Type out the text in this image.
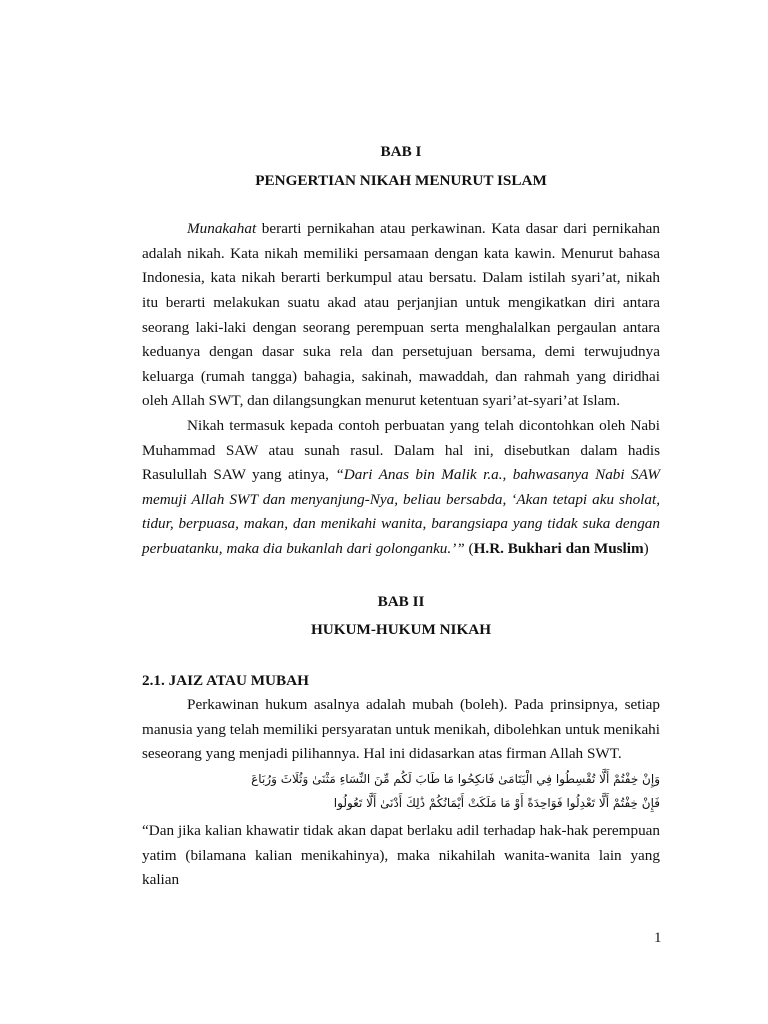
BAB I

PENGERTIAN NIKAH MENURUT ISLAM

Munakahat berarti pernikahan atau perkawinan. Kata dasar dari pernikahan adalah nikah. Kata nikah memiliki persamaan dengan kata kawin. Menurut bahasa Indonesia, kata nikah berarti berkumpul atau bersatu. Dalam istilah syari’at, nikah itu berarti melakukan suatu akad atau perjanjian untuk mengikatkan diri antara seorang laki-laki dengan seorang perempuan serta menghalalkan pergaulan antara keduanya dengan dasar suka rela dan persetujuan bersama, demi terwujudnya keluarga (rumah tangga) bahagia, sakinah, mawaddah, dan rahmah yang diridhai oleh Allah SWT, dan dilangsungkan menurut ketentuan syari’at-syari’at Islam.

Nikah termasuk kepada contoh perbuatan yang telah dicontohkan oleh Nabi Muhammad SAW atau sunah rasul. Dalam hal ini, disebutkan dalam hadis Rasulullah SAW yang atinya, “Dari Anas bin Malik r.a., bahwasanya Nabi SAW memuji Allah SWT dan menyanjung-Nya, beliau bersabda, ‘Akan tetapi aku sholat, tidur, berpuasa, makan, dan menikahi wanita, barangsiapa yang tidak suka dengan perbuatanku, maka dia bukanlah dari golonganku.’” (H.R. Bukhari dan Muslim)

BAB II

HUKUM-HUKUM NIKAH

2.1. JAIZ ATAU MUBAH

Perkawinan hukum asalnya adalah mubah (boleh). Pada prinsipnya, setiap manusia yang telah memiliki persyaratan untuk menikah, dibolehkan untuk menikahi seseorang yang menjadi pilihannya. Hal ini didasarkan atas firman Allah SWT.

وَإِنْ خِفْتُمْ أَلَّا تُقْسِطُوا فِي الْيَتَامَىٰ فَانكِحُوا مَا طَابَ لَكُم مِّنَ النِّسَاءِ مَثْنَىٰ وَثُلَاثَ وَرُبَاعَ

فَإِنْ خِفْتُمْ أَلَّا تَعْدِلُوا فَوَاحِدَةً أَوْ مَا مَلَكَتْ أَيْمَانُكُمْ ذَٰلِكَ أَدْنَىٰ أَلَّا تَعُولُوا

“Dan jika kalian khawatir tidak akan dapat berlaku adil terhadap hak-hak perempuan yatim (bilamana kalian menikahinya), maka nikahilah wanita-wanita lain yang kalian

1
